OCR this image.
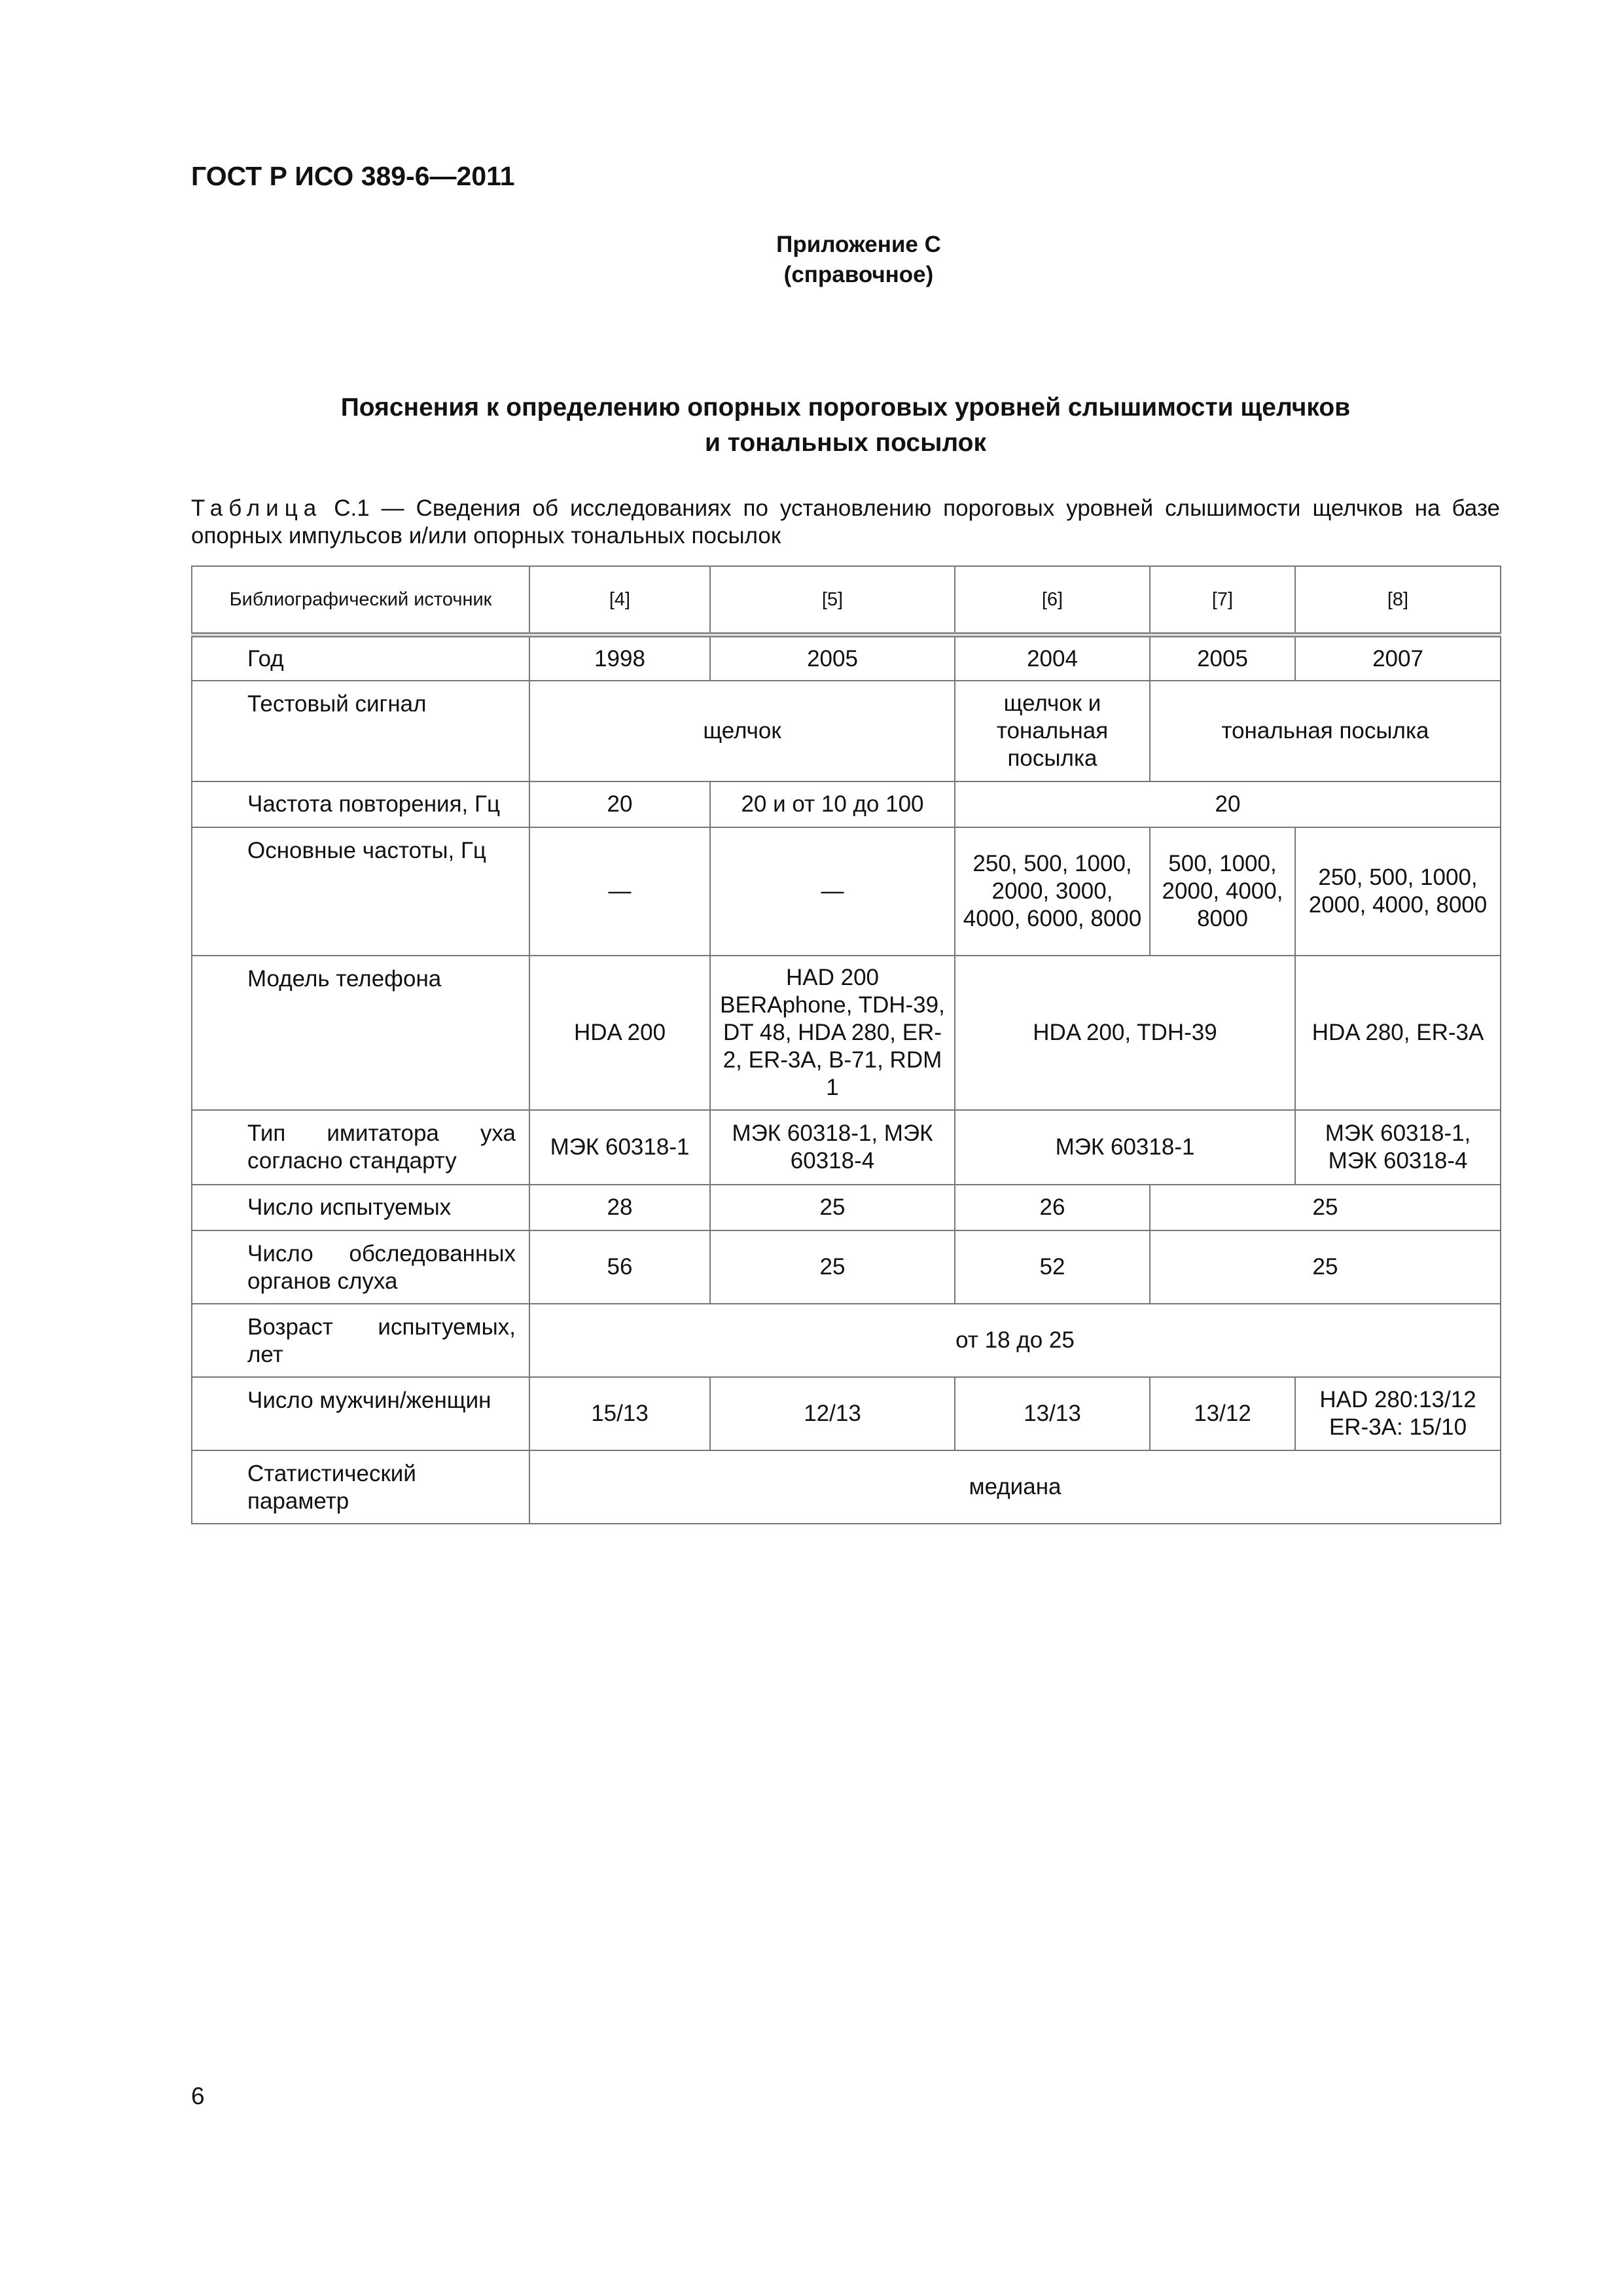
ГОСТ Р ИСО 389-6—2011
Приложение С
(справочное)
Пояснения к определению опорных пороговых уровней слышимости щелчков
и тональных посылок
Таблица С.1 — Сведения об исследованиях по установлению пороговых уровней слышимости щелчков на базе опорных импульсов и/или опорных тональных посылок
Библиографический источник	[4]	[5]	[6]	[7]	[8]

Год	1998	2005	2004	2005	2007

Тестовый сигнал	щелчок		щелчок и тональная посылка	тональная посылка	

Частота повторения, Гц	20	20 и от 10 до 100	20		

Основные частоты, Гц	—	—	250, 500, 1000, 2000, 3000, 4000, 6000, 8000	500, 1000, 2000, 4000, 8000	250, 500, 1000, 2000, 4000, 8000

Модель телефона	HDA 200	HAD 200 BERAphone, TDH-39, DT 48, HDA 280, ER-2, ER-3A, B-71, RDM 1	HDA 200, TDH-39		HDA 280, ER-3A

Тип имитатора уха согласно стандарту	МЭК 60318-1	МЭК 60318-1, МЭК 60318-4	МЭК 60318-1		МЭК 60318-1, МЭК 60318-4

Число испытуемых	28	25	26	25	

Число обследованных органов слуха	56	25	52	25	

Возраст испытуемых, лет	от 18 до 25				

Число мужчин/женщин	15/13	12/13	13/13	13/12	HAD 280:13/12 ER-3A: 15/10

Статистический параметр	медиана				
6
